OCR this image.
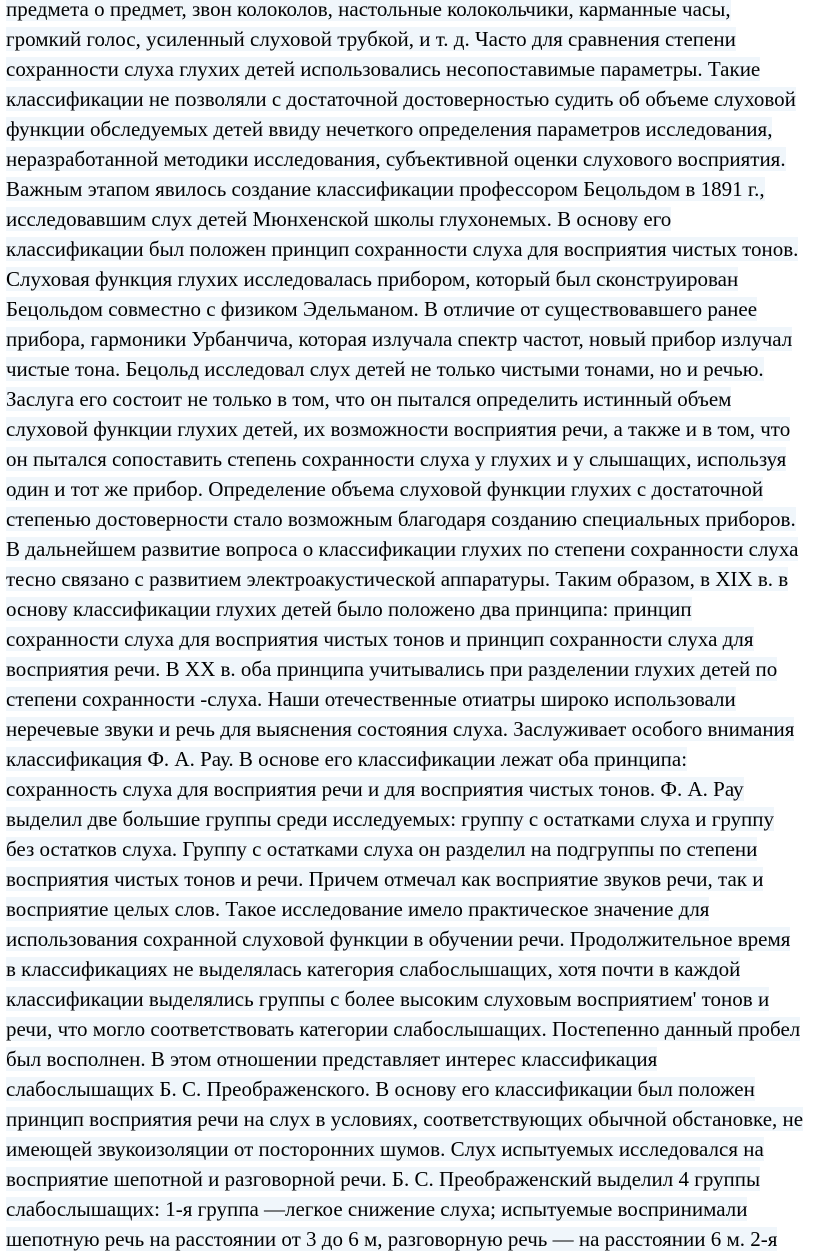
предмета о предмет, звон колоколов, настольные колокольчики, карманные часы,
громкий голос, усиленный слуховой трубкой, и т. д. Часто для сравнения степени
сохранности слуха глухих детей использовались несопоставимые параметры. Такие
классификации не позволяли с достаточной достоверностью судить об объеме слуховой
функции обследуемых детей ввиду нечеткого определения параметров исследования,
неразработанной методики исследования, субъективной оценки слухового восприятия.
Важным этапом явилось создание классификации профессором Бецольдом в 1891 г.,
исследовавшим слух детей Мюнхенской школы глухонемых. В основу его
классификации был положен принцип сохранности слуха для восприятия чистых тонов.
Слуховая функция глухих исследовалась прибором, который был сконструирован
Бецольдом совместно с физиком Эдельманом. В отличие от существовавшего ранее
прибора, гармоники Урбанчича, которая излучала спектр частот, новый прибор излучал
чистые тона. Бецольд исследовал слух детей не только чистыми тонами, но и речью.
Заслуга его состоит не только в том, что он пытался определить истинный объем
слуховой функции глухих детей, их возможности восприятия речи, а также и в том, что
он пытался сопоставить степень сохранности слуха у глухих и у слышащих, используя
один и тот же прибор. Определение объема слуховой функции глухих с достаточной
степенью достоверности стало возможным благодаря созданию специальных приборов.
В дальнейшем развитие вопроса о классификации глухих по степени сохранности слуха
тесно связано с развитием электроакустической аппаратуры. Таким образом, в XIX в. в
основу классификации глухих детей было положено два принципа: принцип
сохранности слуха для восприятия чистых тонов и принцип сохранности слуха для
восприятия речи. В XX в. оба принципа учитывались при разделении глухих детей по
степени сохранности -слуха. Наши отечественные отиатры широко использовали
неречевые звуки и речь для выяснения состояния слуха. Заслуживает особого внимания
классификация Ф. А. Рау. В основе его классификации лежат оба принципа:
сохранность слуха для восприятия речи и для восприятия чистых тонов. Ф. А. Рау
выделил две большие группы среди исследуемых: группу с остатками слуха и группу
без остатков слуха. Группу с остатками слуха он разделил на подгруппы по степени
восприятия чистых тонов и речи. Причем отмечал как восприятие звуков речи, так и
восприятие целых слов. Такое исследование имело практическое значение для
использования сохранной слуховой функции в обучении речи. Продолжительное время
в классификациях не выделялась категория слабослышащих, хотя почти в каждой
классификации выделялись группы с более высоким слуховым восприятием' тонов и
речи, что могло соответствовать категории слабослышащих. Постепенно данный пробел
был восполнен. В этом отношении представляет интерес классификация
слабослышащих Б. С. Преображенского. В основу его классификации был положен
принцип восприятия речи на слух в условиях, соответствующих обычной обстановке, не
имеющей звукоизоляции от посторонних шумов. Слух испытуемых исследовался на
восприятие шепотной и разговорной речи. Б. С. Преображенский выделил 4 группы
слабослышащих: 1-я группа —легкое снижение слуха; испытуемые воспринимали
шепотную речь на расстоянии от 3 до 6 м, разговорную речь — на расстоянии 6 м. 2-я
